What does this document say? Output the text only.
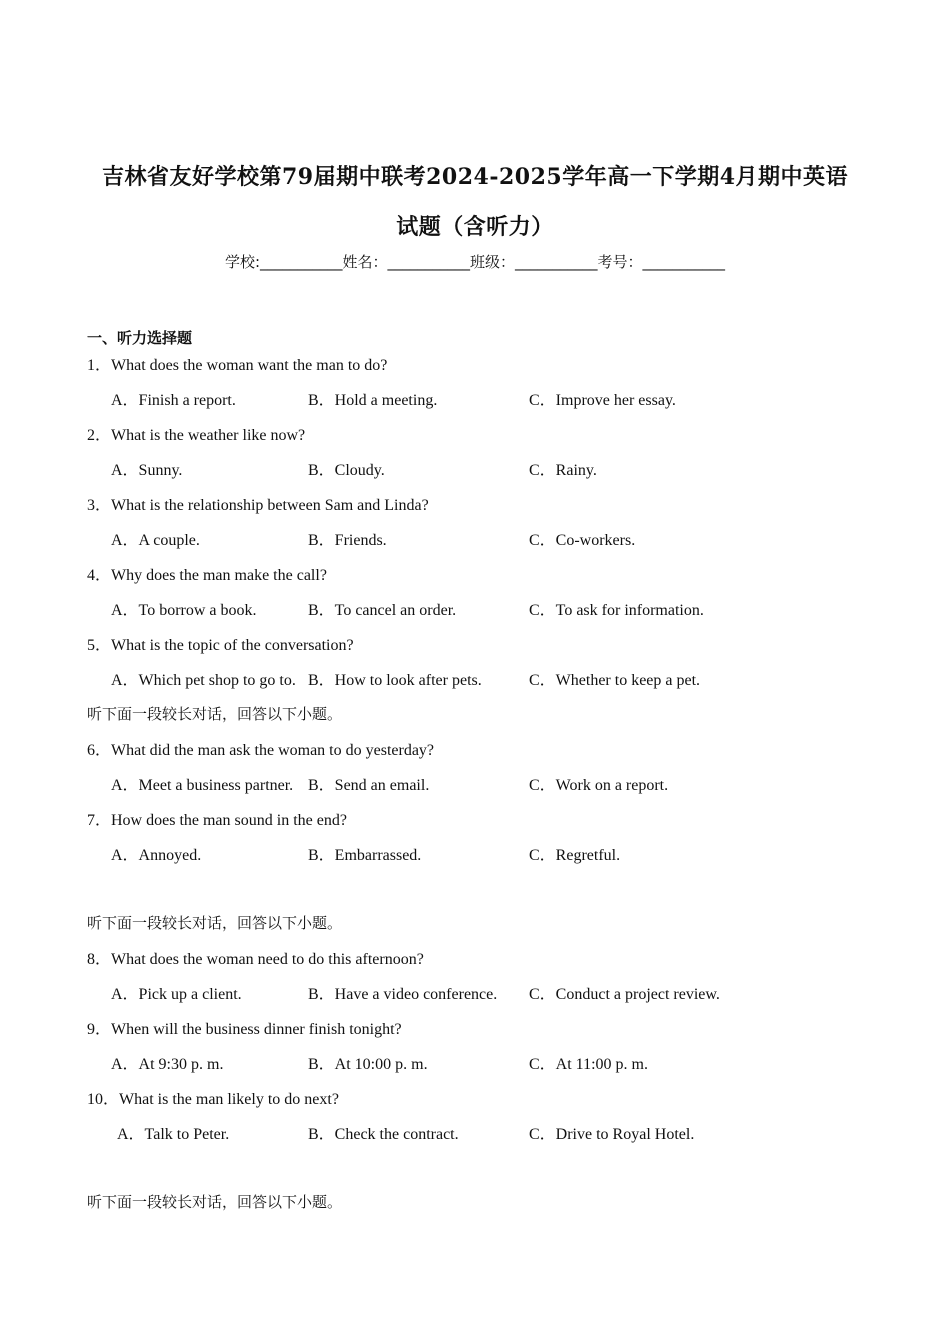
吉林省友好学校第79届期中联考2024-2025学年高一下学期4月期中英语
试题（含听力）
学校:___________姓名：___________班级：___________考号：___________
一、听力选择题
1．What does the woman want the man to do?
A．Finish a report.	B．Hold a meeting.	C．Improve her essay.
2．What is the weather like now?
A．Sunny.	B．Cloudy.	C．Rainy.
3．What is the relationship between Sam and Linda?
A．A couple.	B．Friends.	C．Co-workers.
4．Why does the man make the call?
A．To borrow a book.	B．To cancel an order.	C．To ask for information.
5．What is the topic of the conversation?
A．Which pet shop to go to. B．How to look after pets.	C．Whether to keep a pet.
听下面一段较长对话，回答以下小题。
6．What did the man ask the woman to do yesterday?
A．Meet a business partner. B．Send an email.	C．Work on a report.
7．How does the man sound in the end?
A．Annoyed.	B．Embarrassed.	C．Regretful.
听下面一段较长对话，回答以下小题。
8．What does the woman need to do this afternoon?
A．Pick up a client.	B．Have a video conference. C．Conduct a project review.
9．When will the business dinner finish tonight?
A．At 9:30 p. m.	B．At 10:00 p. m.	C．At 11:00 p. m.
10．What is the man likely to do next?
A．Talk to Peter.	B．Check the contract.	C．Drive to Royal Hotel.
听下面一段较长对话，回答以下小题。
